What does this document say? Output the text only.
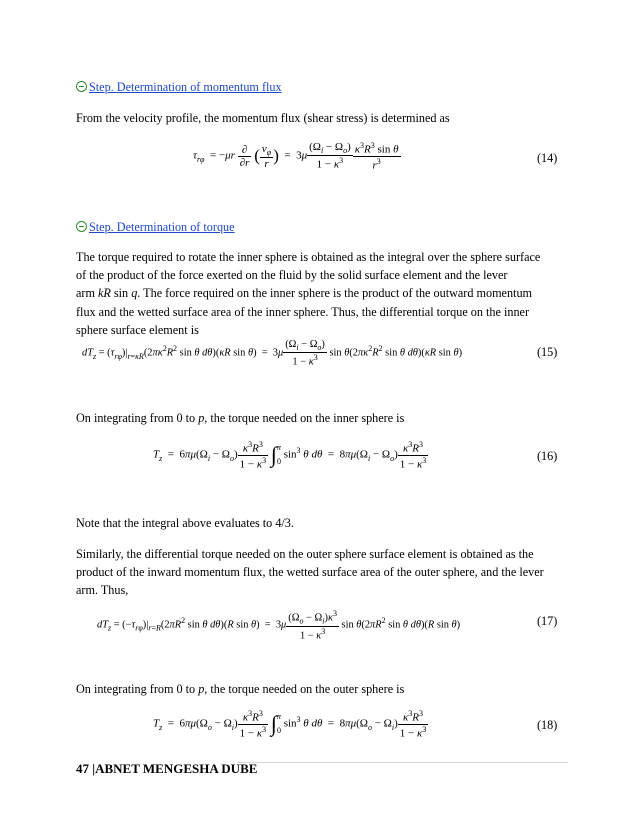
Step. Determination of momentum flux
From the velocity profile, the momentum flux (shear stress) is determined as
$\tau_{r\varphi} = -\mu r \frac{\partial}{\partial r}$ ( $\frac{v_\varphi}{r}$ )  =  $3\mu \frac{(\Omega_i - \Omega_o)}{1 - \kappa^3} \frac{\kappa^3R^3 \sin \theta}{r^3}$	(14)
Step. Determination of torque
The torque required to rotate the inner sphere is obtained as the integral over the sphere surface
of the product of the force exerted on the fluid by the solid surface element and the lever
arm kR sin q. The force required on the inner sphere is the product of the outward momentum
flux and the wetted surface area of the inner sphere. Thus, the differential torque on the inner
sphere surface element is
$dT_z = (\tau_{r\varphi})|_{r=\kappa R}(2\pi\kappa^2R^2$ sin θ dθ)(κR $\sin \theta) = 3\mu \frac{(\Omega_i - \Omega_o)}{1 - \kappa^3}$ $\sin \theta(2\pi\kappa^2R^2$ sin θ dθ)(κR sin θ)	(15)
On integrating from 0 to p, the torque needed on the inner sphere is
$T_z = 6\pi\mu(\Omega_i - \Omega_o) \frac{\kappa^3R^3}{1 - \kappa^3} \int\pi$
0 $\sin^3 \theta$ $d\theta = 8\pi\mu(\Omega_i - \Omega_o) \frac{\kappa^3R^3}{1 - \kappa^3}$	(16)
Note that the integral above evaluates to 4/3.
Similarly, the differential torque needed on the outer sphere surface element is obtained as the
product of the inward momentum flux, the wetted surface area of the outer sphere, and the lever
arm. Thus,
$dT_z = (-\tau_{r\varphi})|_{r=R}(2\pi R^2$ sin θ dθ)(R $\sin \theta) = 3\mu \frac{(\Omega_o - \Omega_i)\kappa^3}{1 - \kappa^3}$ $\sin \theta(2\pi R^2$ sin θ dθ)(R sin θ)	(17)
On integrating from 0 to p, the torque needed on the outer sphere is
$T_z = 6\pi\mu(\Omega_o - \Omega_i) \frac{\kappa^3R^3}{1 - \kappa^3} \int\pi$
0 $\sin^3 \theta$ $d\theta = 8\pi\mu(\Omega_o - \Omega_i) \frac{\kappa^3R^3}{1 - \kappa^3}$	(18)
47 |ABNET MENGESHA DUBE
